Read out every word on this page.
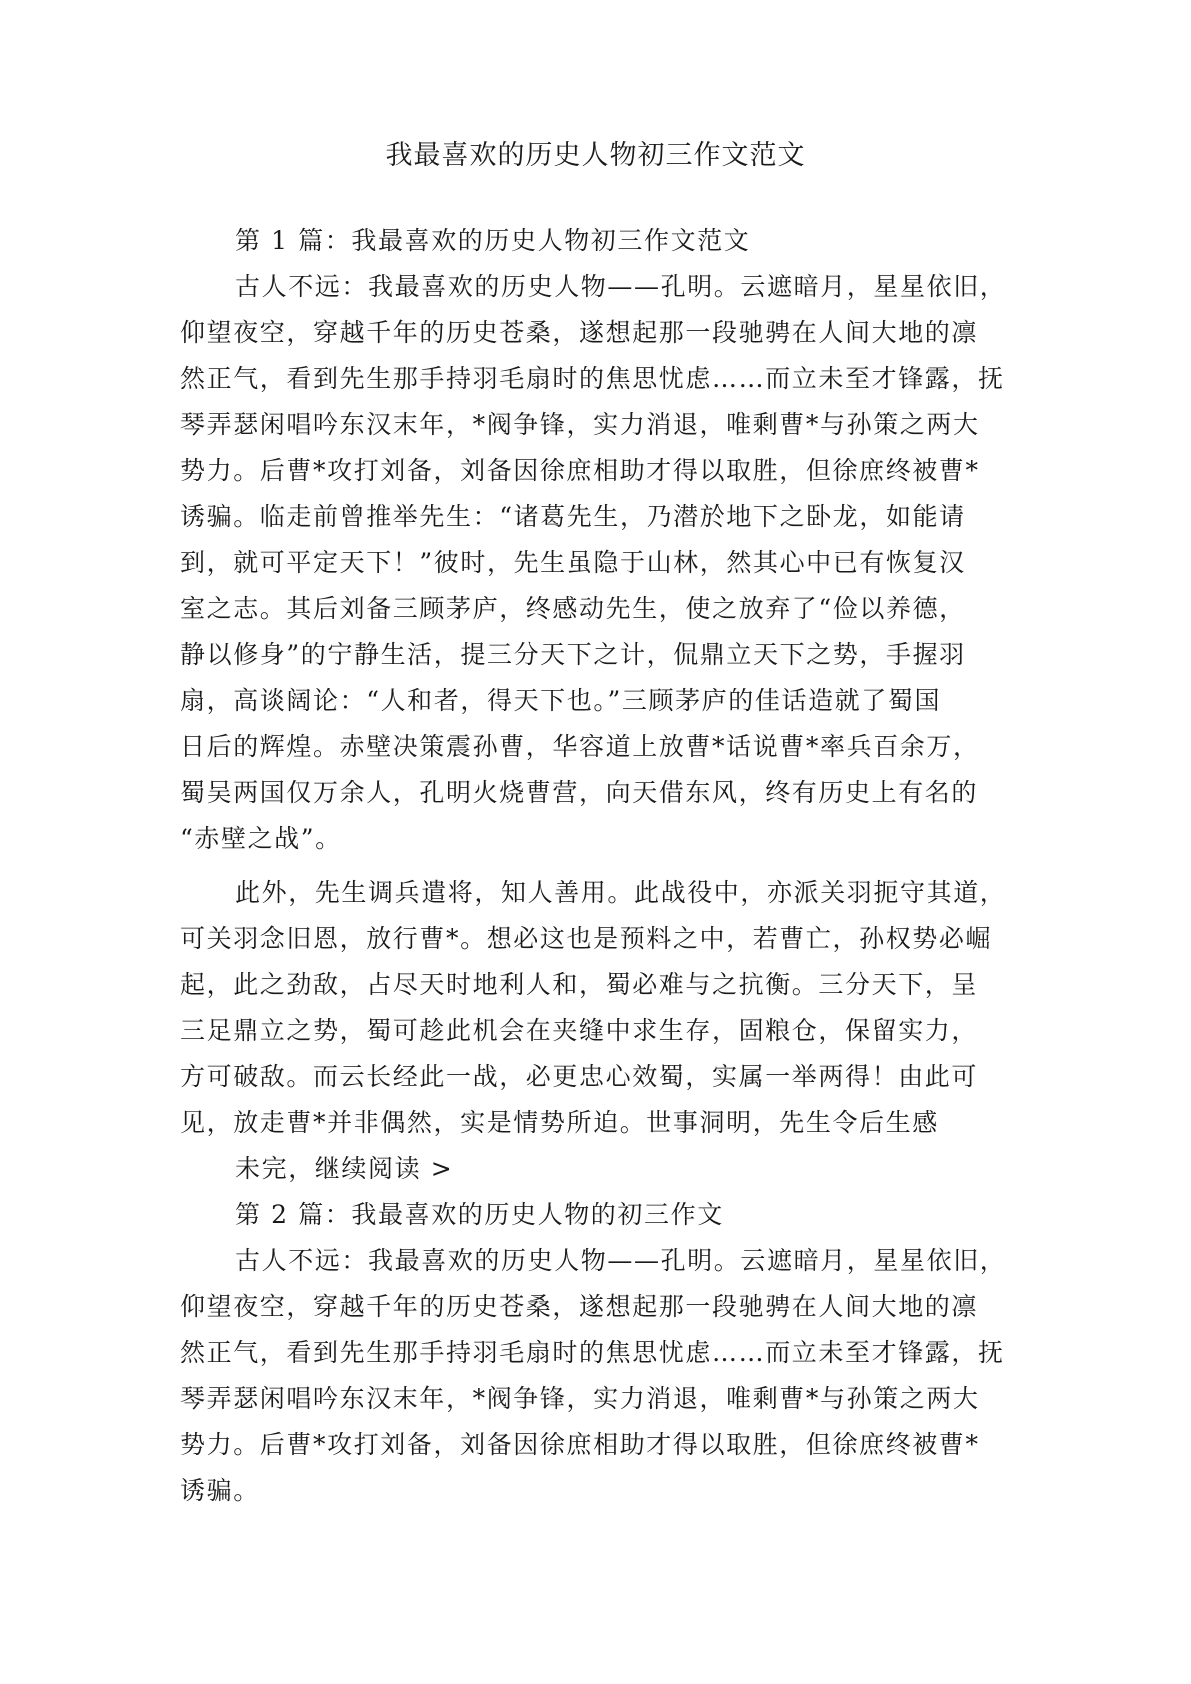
我最喜欢的历史人物初三作文范文
第 1 篇：我最喜欢的历史人物初三作文范文
古人不远：我最喜欢的历史人物——孔明。云遮暗月，星星依旧，
仰望夜空，穿越千年的历史苍桑，遂想起那一段驰骋在人间大地的凛
然正气，看到先生那手持羽毛扇时的焦思忧虑……而立未至才锋露，抚
琴弄瑟闲唱吟东汉末年，*阀争锋，实力消退，唯剩曹*与孙策之两大
势力。后曹*攻打刘备，刘备因徐庶相助才得以取胜，但徐庶终被曹*
诱骗。临走前曾推举先生：“诸葛先生，乃潜於地下之卧龙，如能请
到，就可平定天下！”彼时，先生虽隐于山林，然其心中已有恢复汉
室之志。其后刘备三顾茅庐，终感动先生，使之放弃了“俭以养德，
静以修身”的宁静生活，提三分天下之计，侃鼎立天下之势，手握羽
扇，高谈阔论：“人和者，得天下也。”三顾茅庐的佳话造就了蜀国
日后的辉煌。赤壁决策震孙曹，华容道上放曹*话说曹*率兵百余万，
蜀吴两国仅万余人，孔明火烧曹营，向天借东风，终有历史上有名的
“赤壁之战”。
此外，先生调兵遣将，知人善用。此战役中，亦派关羽扼守其道，
可关羽念旧恩，放行曹*。想必这也是预料之中，若曹亡，孙权势必崛
起，此之劲敌，占尽天时地利人和，蜀必难与之抗衡。三分天下，呈
三足鼎立之势，蜀可趁此机会在夹缝中求生存，固粮仓，保留实力，
方可破敌。而云长经此一战，必更忠心效蜀，实属一举两得！由此可
见，放走曹*并非偶然，实是情势所迫。世事洞明，先生令后生感
未完，继续阅读 >
第 2 篇：我最喜欢的历史人物的初三作文
古人不远：我最喜欢的历史人物——孔明。云遮暗月，星星依旧，
仰望夜空，穿越千年的历史苍桑，遂想起那一段驰骋在人间大地的凛
然正气，看到先生那手持羽毛扇时的焦思忧虑……而立未至才锋露，抚
琴弄瑟闲唱吟东汉末年，*阀争锋，实力消退，唯剩曹*与孙策之两大
势力。后曹*攻打刘备，刘备因徐庶相助才得以取胜，但徐庶终被曹*
诱骗。
